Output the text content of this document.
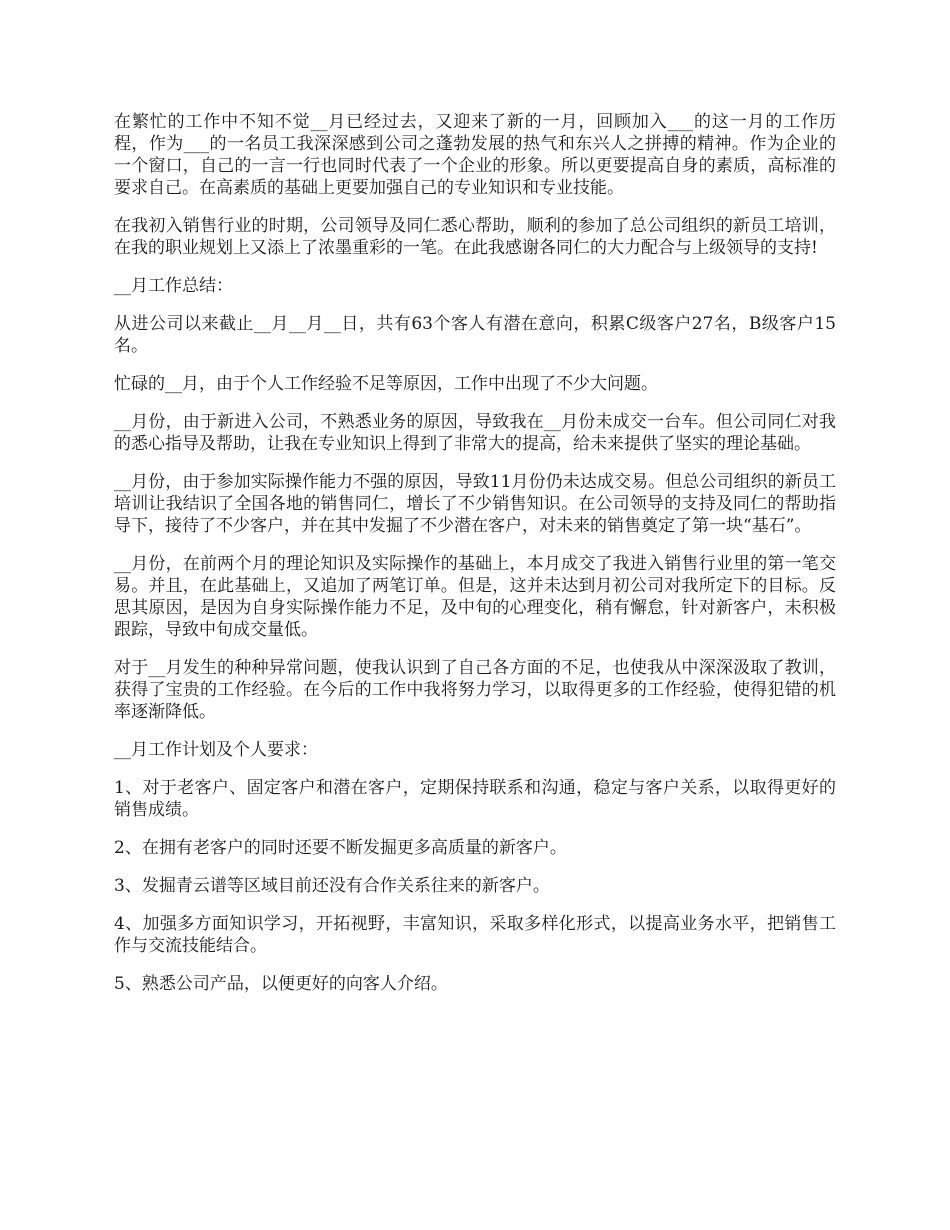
在繁忙的工作中不知不觉__月已经过去，又迎来了新的一月，回顾加入___的这一月的工作历程，作为___的一名员工我深深感到公司之蓬勃发展的热气和东兴人之拼搏的精神。作为企业的一个窗口，自己的一言一行也同时代表了一个企业的形象。所以更要提高自身的素质，高标准的要求自己。在高素质的基础上更要加强自己的专业知识和专业技能。

在我初入销售行业的时期，公司领导及同仁悉心帮助，顺利的参加了总公司组织的新员工培训，在我的职业规划上又添上了浓墨重彩的一笔。在此我感谢各同仁的大力配合与上级领导的支持!

__月工作总结：

从进公司以来截止__月__月__日，共有63个客人有潜在意向，积累C级客户27名，B级客户15名。

忙碌的__月，由于个人工作经验不足等原因，工作中出现了不少大问题。

__月份，由于新进入公司，不熟悉业务的原因，导致我在__月份未成交一台车。但公司同仁对我的悉心指导及帮助，让我在专业知识上得到了非常大的提高，给未来提供了坚实的理论基础。

__月份，由于参加实际操作能力不强的原因，导致11月份仍未达成交易。但总公司组织的新员工培训让我结识了全国各地的销售同仁，增长了不少销售知识。在公司领导的支持及同仁的帮助指导下，接待了不少客户，并在其中发掘了不少潜在客户，对未来的销售奠定了第一块“基石”。

__月份，在前两个月的理论知识及实际操作的基础上，本月成交了我进入销售行业里的第一笔交易。并且，在此基础上，又追加了两笔订单。但是，这并未达到月初公司对我所定下的目标。反思其原因，是因为自身实际操作能力不足，及中旬的心理变化，稍有懈怠，针对新客户，未积极跟踪，导致中旬成交量低。

对于__月发生的种种异常问题，使我认识到了自己各方面的不足，也使我从中深深汲取了教训，获得了宝贵的工作经验。在今后的工作中我将努力学习，以取得更多的工作经验，使得犯错的机率逐渐降低。

__月工作计划及个人要求：

1、对于老客户、固定客户和潜在客户，定期保持联系和沟通，稳定与客户关系，以取得更好的销售成绩。

2、在拥有老客户的同时还要不断发掘更多高质量的新客户。

3、发掘青云谱等区域目前还没有合作关系往来的新客户。

4、加强多方面知识学习，开拓视野，丰富知识，采取多样化形式，以提高业务水平，把销售工作与交流技能结合。

5、熟悉公司产品，以便更好的向客人介绍。
